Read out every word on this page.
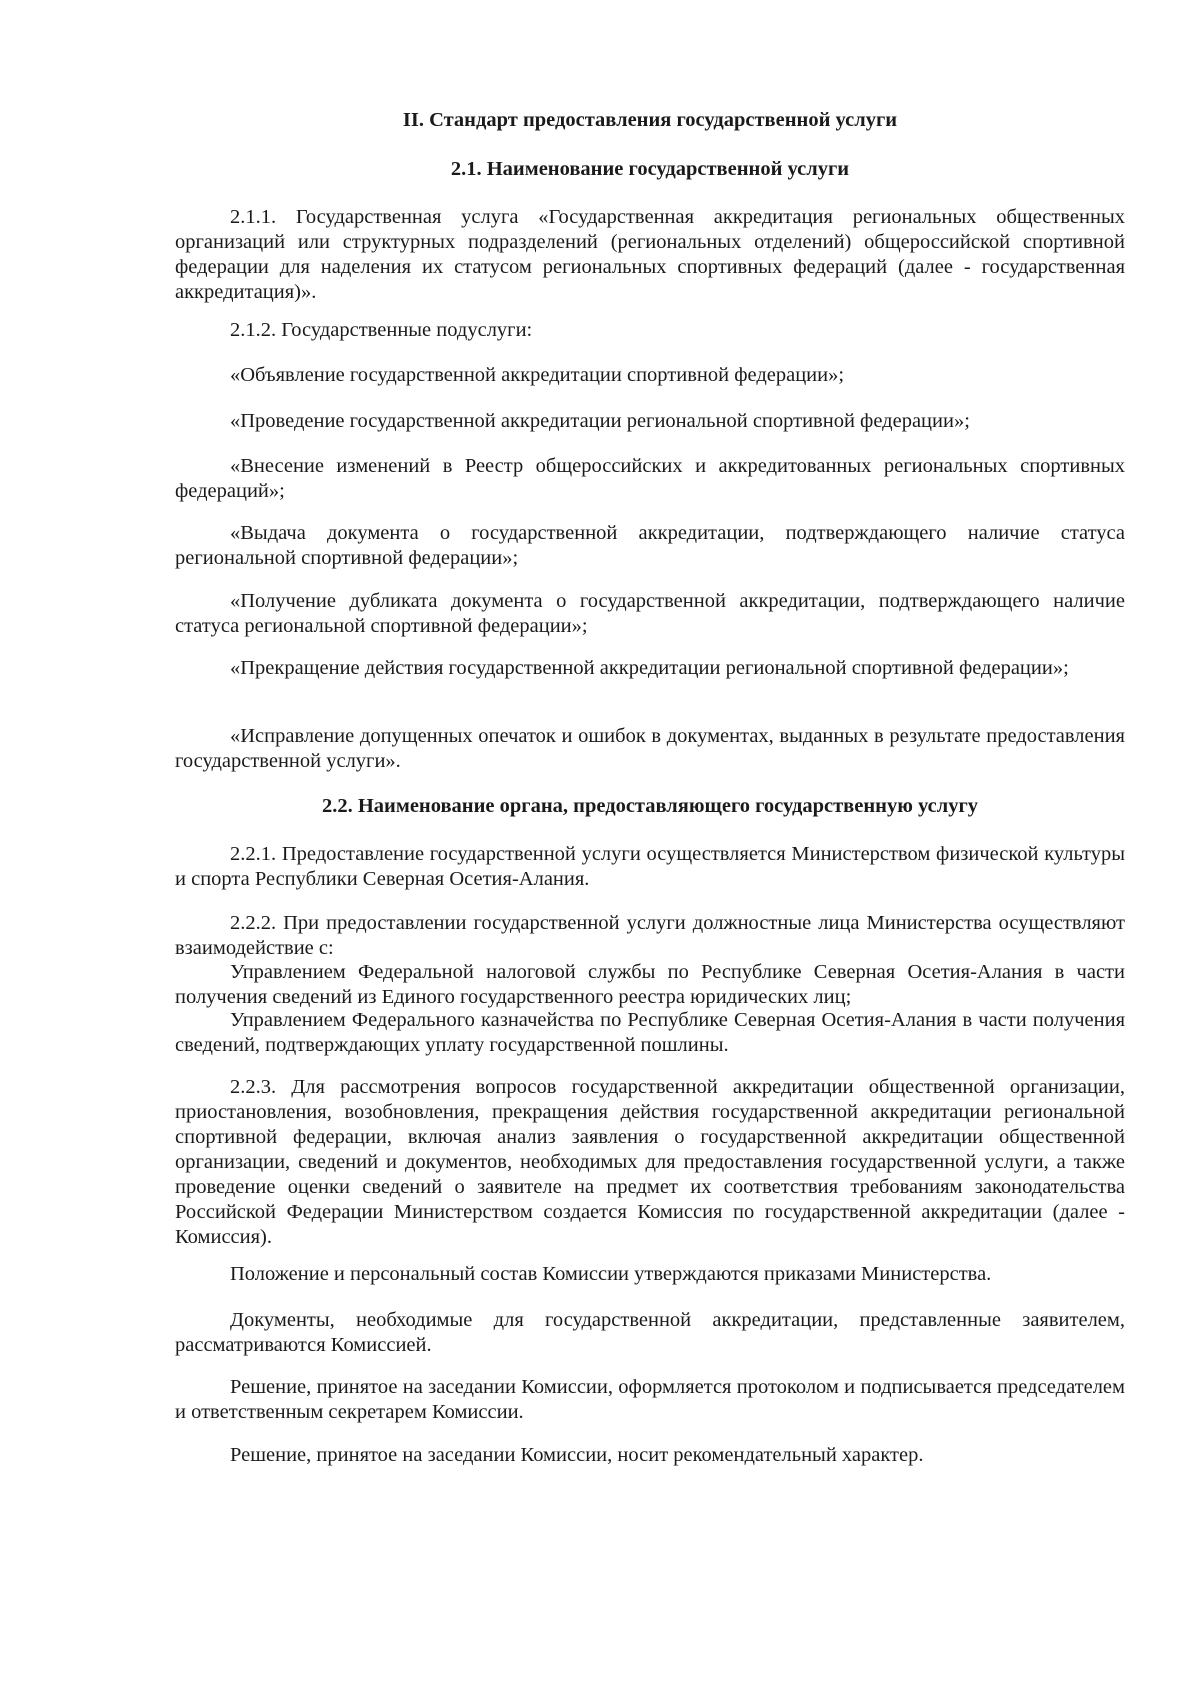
II. Стандарт предоставления государственной услуги

2.1. Наименование государственной услуги

2.1.1. Государственная услуга «Государственная аккредитация региональных общественных организаций или структурных подразделений (региональных отделений) общероссийской спортивной федерации для наделения их статусом региональных спортивных федераций (далее - государственная аккредитация)».

2.1.2. Государственные подуслуги:

«Объявление государственной аккредитации спортивной федерации»;

«Проведение государственной аккредитации региональной спортивной федерации»;

«Внесение изменений в Реестр общероссийских и аккредитованных региональных спортивных федераций»;

«Выдача документа о государственной аккредитации, подтверждающего наличие статуса региональной спортивной федерации»;

«Получение дубликата документа о государственной аккредитации, подтверждающего наличие статуса региональной спортивной федерации»;

«Прекращение действия государственной аккредитации региональной спортивной федерации»;

«Исправление допущенных опечаток и ошибок в документах, выданных в результате предоставления государственной услуги».

2.2. Наименование органа, предоставляющего государственную услугу

2.2.1. Предоставление государственной услуги осуществляется Министерством физической культуры и спорта Республики Северная Осетия-Алания.

2.2.2. При предоставлении государственной услуги должностные лица Министерства осуществляют взаимодействие с:

Управлением Федеральной налоговой службы по Республике Северная Осетия-Алания в части получения сведений из Единого государственного реестра юридических лиц;

Управлением Федерального казначейства по Республике Северная Осетия-Алания в части получения сведений, подтверждающих уплату государственной пошлины.

2.2.3. Для рассмотрения вопросов государственной аккредитации общественной организации, приостановления, возобновления, прекращения действия государственной аккредитации региональной спортивной федерации, включая анализ заявления о государственной аккредитации общественной организации, сведений и документов, необходимых для предоставления государственной услуги, а также проведение оценки сведений о заявителе на предмет их соответствия требованиям законодательства Российской Федерации Министерством создается Комиссия по государственной аккредитации (далее - Комиссия).

Положение и персональный состав Комиссии утверждаются приказами Министерства.

Документы, необходимые для государственной аккредитации, представленные заявителем, рассматриваются Комиссией.

Решение, принятое на заседании Комиссии, оформляется протоколом и подписывается председателем и ответственным секретарем Комиссии.

Решение, принятое на заседании Комиссии, носит рекомендательный характер.
